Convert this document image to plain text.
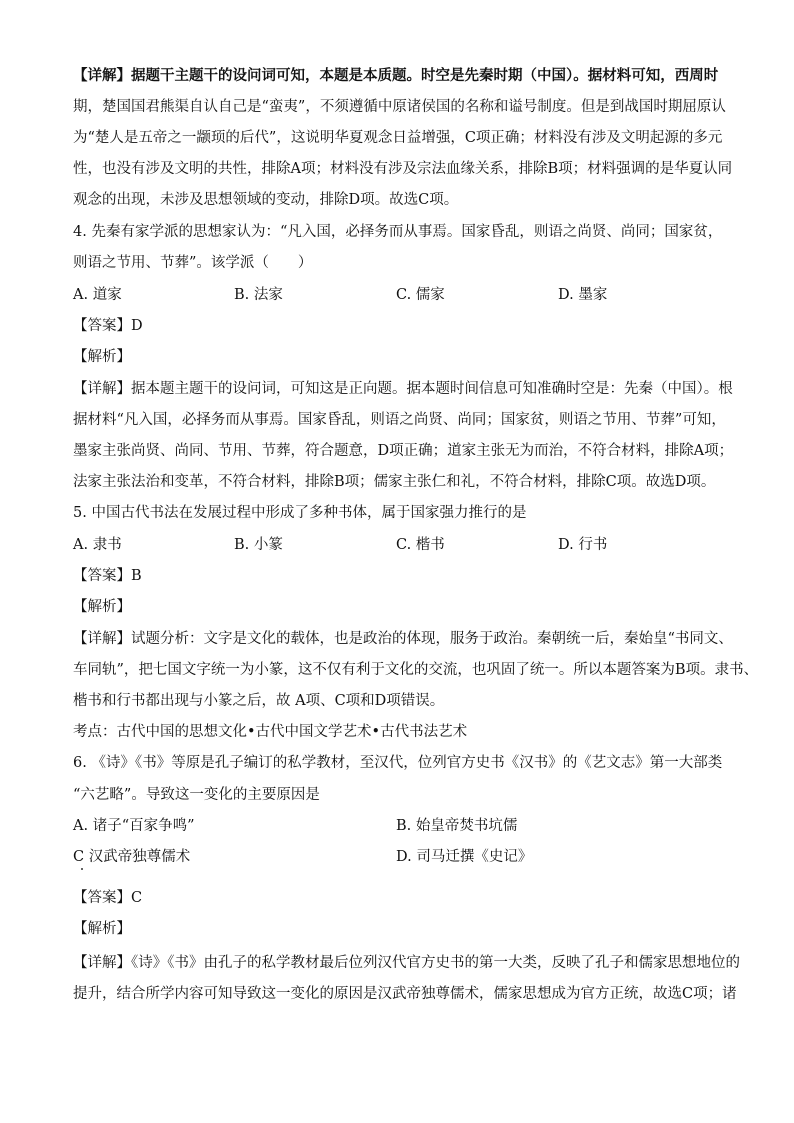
【详解】据题干主题干的设问词可知，本题是本质题。时空是先秦时期（中国）。据材料可知，西周时
期，楚国国君熊渠自认自己是“蛮夷”，不须遵循中原诸侯国的名称和谥号制度。但是到战国时期屈原认
为“楚人是五帝之一颛顼的后代”，这说明华夏观念日益增强，C项正确；材料没有涉及文明起源的多元
性，也没有涉及文明的共性，排除A项；材料没有涉及宗法血缘关系，排除B项；材料强调的是华夏认同
观念的出现，未涉及思想领域的变动，排除D项。故选C项。
4. 先秦有家学派的思想家认为：“凡入国，必择务而从事焉。国家昏乱，则语之尚贤、尚同；国家贫，
则语之节用、节葬”。该学派（　　）
A. 道家	B. 法家	C. 儒家	D. 墨家
【答案】D
【解析】
【详解】据本题主题干的设问词，可知这是正向题。据本题时间信息可知准确时空是：先秦（中国）。根
据材料“凡入国，必择务而从事焉。国家昏乱，则语之尚贤、尚同；国家贫，则语之节用、节葬”可知，
墨家主张尚贤、尚同、节用、节葬，符合题意，D项正确；道家主张无为而治，不符合材料，排除A项；
法家主张法治和变革，不符合材料，排除B项；儒家主张仁和礼，不符合材料，排除C项。故选D项。
5. 中国古代书法在发展过程中形成了多种书体，属于国家强力推行的是
A. 隶书	B. 小篆	C. 楷书	D. 行书
【答案】B
【解析】
【详解】试题分析：文字是文化的载体，也是政治的体现，服务于政治。秦朝统一后，秦始皇“书同文、
车同轨”，把七国文字统一为小篆，这不仅有利于文化的交流，也巩固了统一。所以本题答案为B项。隶书、
楷书和行书都出现与小篆之后，故 A项、C项和D项错误。
考点：古代中国的思想文化•古代中国文学艺术•古代书法艺术
6. 《诗》《书》等原是孔子编订的私学教材，至汉代，位列官方史书《汉书》的《艺文志》第一大部类
“六艺略”。导致这一变化的主要原因是
A. 诸子“百家争鸣”	B. 始皇帝焚书坑儒
C 汉武帝独尊儒术	D. 司马迁撰《史记》
【答案】C
【解析】
【详解】《诗》《书》由孔子的私学教材最后位列汉代官方史书的第一大类，反映了孔子和儒家思想地位的
提升，结合所学内容可知导致这一变化的原因是汉武帝独尊儒术，儒家思想成为官方正统，故选C项；诸
